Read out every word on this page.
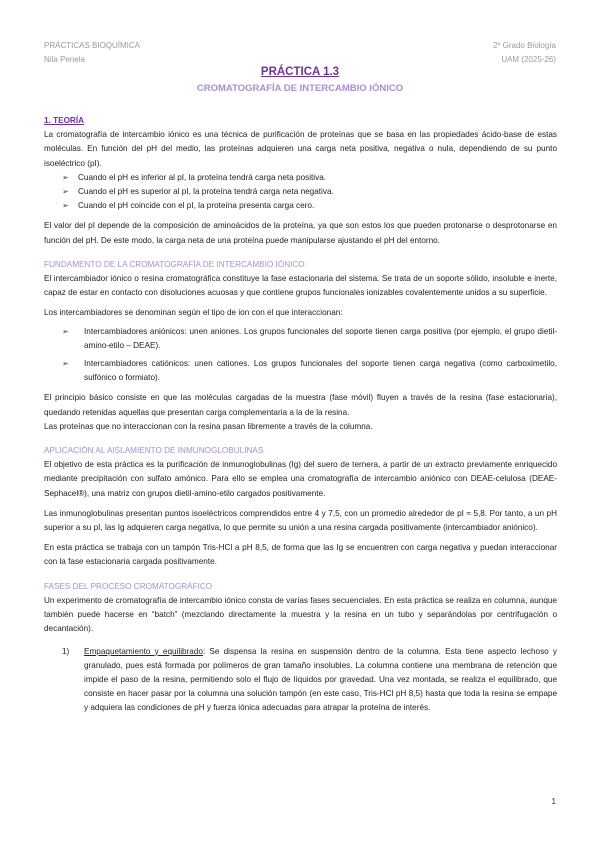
PRÁCTICAS BIOQUÍMICA
Nila Penela
2º Grado Biología
UAM (2025-26)
PRÁCTICA 1.3
CROMATOGRAFÍA DE INTERCAMBIO IÓNICO
1. TEORÍA

La cromatografía de intercambio iónico es una técnica de purificación de proteínas que se basa en las propiedades ácido-base de estas moléculas. En función del pH del medio, las proteínas adquieren una carga neta positiva, negativa o nula, dependiendo de su punto isoeléctrico (pI).

➢ Cuando el pH es inferior al pI, la proteína tendrá carga neta positiva.
➢ Cuando el pH es superior al pI, la proteína tendrá carga neta negativa.
➢ Cuando el pH coincide con el pI, la proteína presenta carga cero.

El valor del pI depende de la composición de aminoácidos de la proteína, ya que son estos los que pueden protonarse o desprotonarse en función del pH. De este modo, la carga neta de una proteína puede manipularse ajustando el pH del entorno.

FUNDAMENTO DE LA CROMATOGRAFÍA DE INTERCAMBIO IÓNICO

El intercambiador iónico o resina cromatográfica constituye la fase estacionaria del sistema. Se trata de un soporte sólido, insoluble e inerte, capaz de estar en contacto con disoluciones acuosas y que contiene grupos funcionales ionizables covalentemente unidos a su superficie.

Los intercambiadores se denominan según el tipo de ion con el que interaccionan:

➢ Intercambiadores aniónicos: unen aniones. Los grupos funcionales del soporte tienen carga positiva (por ejemplo, el grupo dietil-amino-etilo – DEAE).
➢ Intercambiadores catiónicos: unen cationes. Los grupos funcionales del soporte tienen carga negativa (como carboximetilo, sulfónico o formiato).

El principio básico consiste en que las moléculas cargadas de la muestra (fase móvil) fluyen a través de la resina (fase estacionaria), quedando retenidas aquellas que presentan carga complementaria a la de la resina.

Las proteínas que no interaccionan con la resina pasan libremente a través de la columna.

APLICACIÓN AL AISLAMIENTO DE INMUNOGLOBULINAS

El objetivo de esta práctica es la purificación de inmunoglobulinas (Ig) del suero de ternera, a partir de un extracto previamente enriquecido mediante precipitación con sulfato amónico. Para ello se emplea una cromatografía de intercambio aniónico con DEAE-celulosa (DEAE-Sephacel®), una matriz con grupos dietil-amino-etilo cargados positivamente.

Las inmunoglobulinas presentan puntos isoeléctricos comprendidos entre 4 y 7,5, con un promedio alrededor de pI ≈ 5,8. Por tanto, a un pH superior a su pI, las Ig adquieren carga negativa, lo que permite su unión a una resina cargada positivamente (intercambiador aniónico).

En esta práctica se trabaja con un tampón Tris-HCl a pH 8,5, de forma que las Ig se encuentren con carga negativa y puedan interaccionar con la fase estacionaria cargada positivamente.

FASES DEL PROCESO CROMATOGRÁFICO

Un experimento de cromatografía de intercambio iónico consta de varias fases secuenciales. En esta práctica se realiza en columna, aunque también puede hacerse en “batch” (mezclando directamente la muestra y la resina en un tubo y separándolas por centrifugación o decantación).

1) Empaquetamiento y equilibrado: Se dispensa la resina en suspensión dentro de la columna. Esta tiene aspecto lechoso y granulado, pues está formada por polímeros de gran tamaño insolubles. La columna contiene una membrana de retención que impide el paso de la resina, permitiendo solo el flujo de líquidos por gravedad. Una vez montada, se realiza el equilibrado, que consiste en hacer pasar por la columna una solución tampón (en este caso, Tris-HCl pH 8,5) hasta que toda la resina se empape y adquiera las condiciones de pH y fuerza iónica adecuadas para atrapar la proteína de interés.
1
